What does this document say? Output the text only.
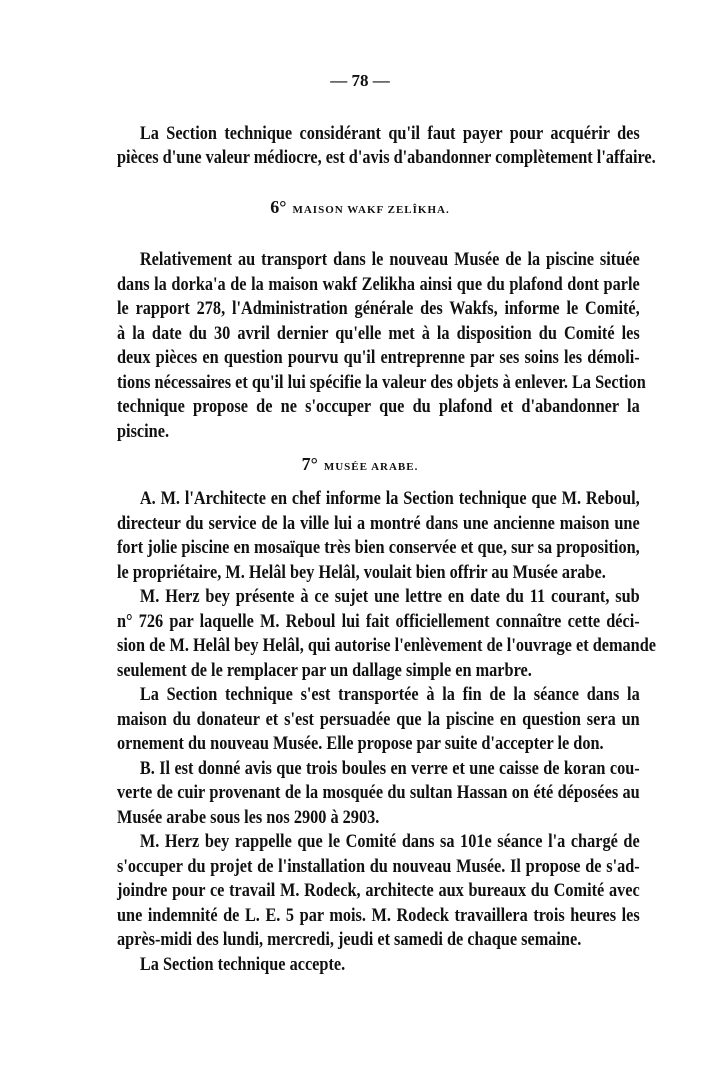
— 78 —
La Section technique considérant qu'il faut payer pour acquérir des
pièces d'une valeur médiocre, est d'avis d'abandonner complètement l'affaire.
6° MAISON WAKF ZELÎKHA.
Relativement au transport dans le nouveau Musée de la piscine située
dans la dorka'a de la maison wakf Zelikha ainsi que du plafond dont parle
le rapport 278, l'Administration générale des Wakfs, informe le Comité,
à la date du 30 avril dernier qu'elle met à la disposition du Comité les
deux pièces en question pourvu qu'il entreprenne par ses soins les démoli-
tions nécessaires et qu'il lui spécifie la valeur des objets à enlever. La Section
technique propose de ne s'occuper que du plafond et d'abandonner la
piscine.
7° MUSÉE ARABE.
A. M. l'Architecte en chef informe la Section technique que M. Reboul,
directeur du service de la ville lui a montré dans une ancienne maison une
fort jolie piscine en mosaïque très bien conservée et que, sur sa proposition,
le propriétaire, M. Helâl bey Helâl, voulait bien offrir au Musée arabe.
M. Herz bey présente à ce sujet une lettre en date du 11 courant, sub
n° 726 par laquelle M. Reboul lui fait officiellement connaître cette déci-
sion de M. Helâl bey Helâl, qui autorise l'enlèvement de l'ouvrage et demande
seulement de le remplacer par un dallage simple en marbre.
La Section technique s'est transportée à la fin de la séance dans la
maison du donateur et s'est persuadée que la piscine en question sera un
ornement du nouveau Musée. Elle propose par suite d'accepter le don.
B. Il est donné avis que trois boules en verre et une caisse de koran cou-
verte de cuir provenant de la mosquée du sultan Hassan on été déposées au
Musée arabe sous les nos 2900 à 2903.
M. Herz bey rappelle que le Comité dans sa 101e séance l'a chargé de
s'occuper du projet de l'installation du nouveau Musée. Il propose de s'ad-
joindre pour ce travail M. Rodeck, architecte aux bureaux du Comité avec
une indemnité de L. E. 5 par mois. M. Rodeck travaillera trois heures les
après-midi des lundi, mercredi, jeudi et samedi de chaque semaine.
La Section technique accepte.
